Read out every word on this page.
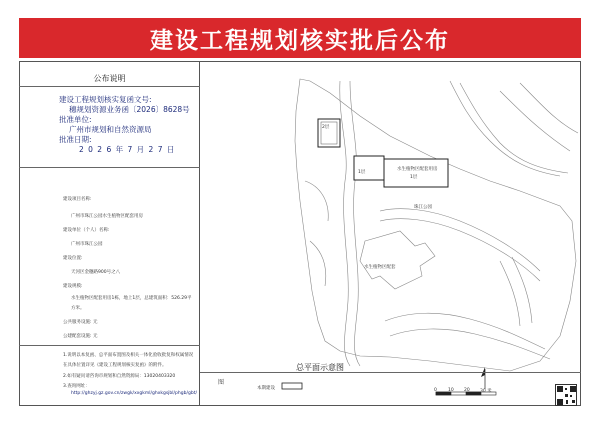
建设工程规划核实批后公布
公布说明
建设工程规划核实复函文号:
穗规划资源业务函〔2026〕8628号
批准单位:
广州市规划和自然资源局
批准日期:
2 0 2 6 年 7 月 2 7 日
建设项目名称:
广州市珠江公园水生植物区配套用房
建设单位（个人）名称:
广州市珠江公园
建设位置:
天河区金穗路900号之八
建设规模:
水生植物区配套用房1栋，地上1层，总建筑面积：526.29平
方米。
公共服务设施: 无
公建配套设施: 无
1.说明以本复函、总平面布置图及相关一体化验收批复和权属情况
在具体位置详见《建设工程规划核实复函》的附件。
2.如有疑问请咨询市规划和自然资源局：13020403320
3.查询网址：
http://ghzyj.gz.gov.cn/zwgk/xxgkml/ghxkgsjbl/phgb/gbt/
2层
1层
水生植物区配套用房
1层
珠江公园
水生植物区配套
总平面示意图
图
本期建设	0 10 20 30 米
